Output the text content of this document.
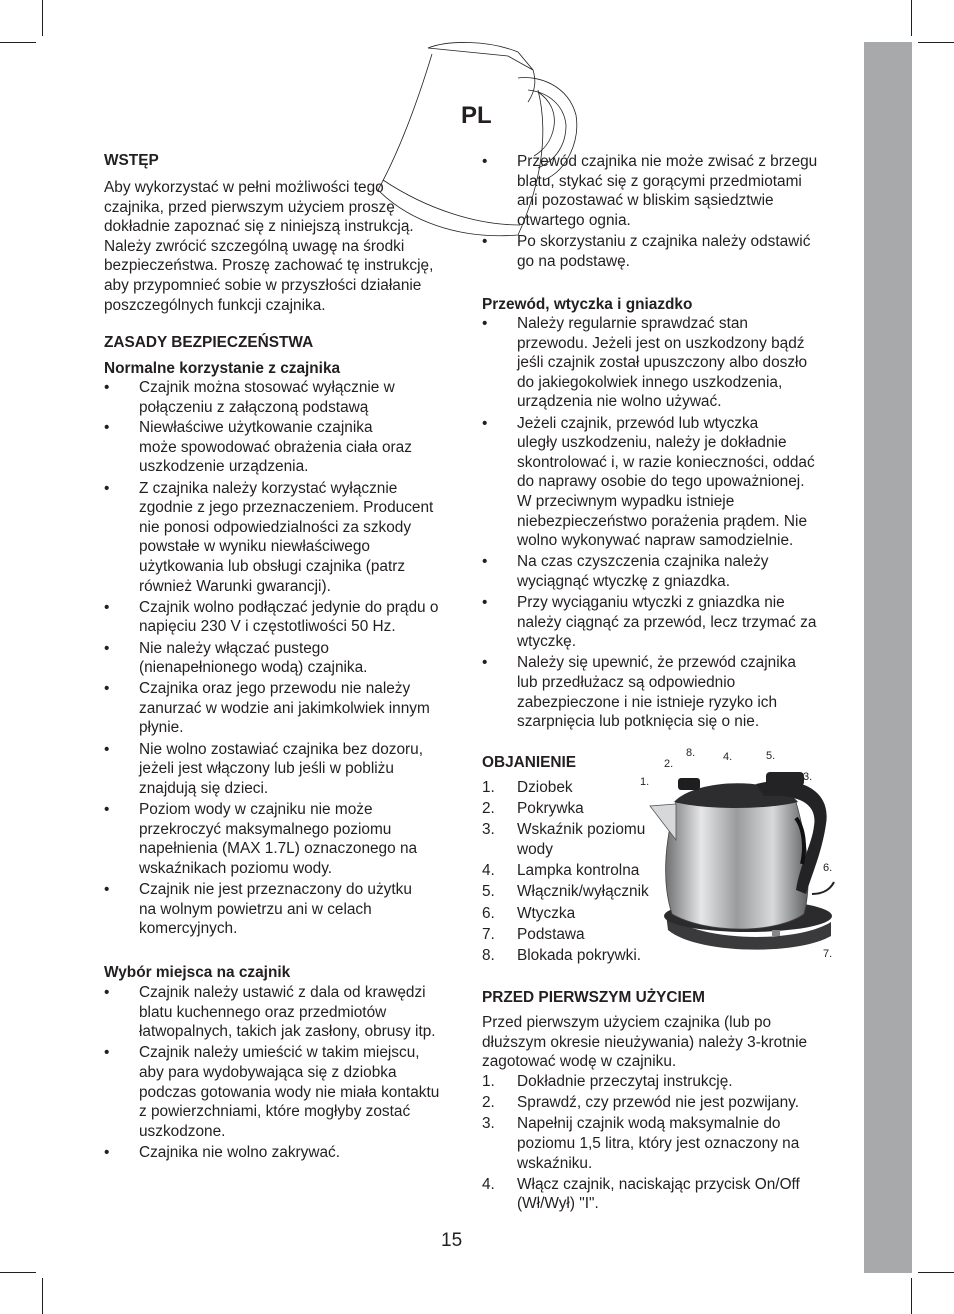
PL
WSTĘP
Aby wykorzystać w pełni możliwości tego
czajnika, przed pierwszym użyciem proszę
dokładnie zapoznać się z niniejszą instrukcją.
Należy zwrócić szczególną uwagę na środki
bezpieczeństwa. Proszę zachować tę instrukcję,
aby przypomnieć sobie w przyszłości działanie
poszczególnych funkcji czajnika.
ZASADY BEZPIECZEŃSTWA
Normalne korzystanie z czajnika
• Czajnik można stosować wyłącznie w
połączeniu z załączoną podstawą
• Niewłaściwe użytkowanie czajnika
może spowodować obrażenia ciała oraz
uszkodzenie urządzenia.
• Z czajnika należy korzystać wyłącznie
zgodnie z jego przeznaczeniem. Producent
nie ponosi odpowiedzialności za szkody
powstałe w wyniku niewłaściwego
użytkowania lub obsługi czajnika (patrz
również Warunki gwarancji).
• Czajnik wolno podłączać jedynie do prądu o
napięciu 230 V i częstotliwości 50 Hz.
• Nie należy włączać pustego
(nienapełnionego wodą) czajnika.
• Czajnika oraz jego przewodu nie należy
zanurzać w wodzie ani jakimkolwiek innym
płynie.
• Nie wolno zostawiać czajnika bez dozoru,
jeżeli jest włączony lub jeśli w pobliżu
znajdują się dzieci.
• Poziom wody w czajniku nie może
przekroczyć maksymalnego poziomu
napełnienia (MAX 1.7L) oznaczonego na
wskaźnikach poziomu wody.
• Czajnik nie jest przeznaczony do użytku
na wolnym powietrzu ani w celach
komercyjnych.
Wybór miejsca na czajnik
• Czajnik należy ustawić z dala od krawędzi
blatu kuchennego oraz przedmiotów
łatwopalnych, takich jak zasłony, obrusy itp.
• Czajnik należy umieścić w takim miejscu,
aby para wydobywająca się z dziobka
podczas gotowania wody nie miała kontaktu
z powierzchniami, które mogłyby zostać
uszkodzone.
• Czajnika nie wolno zakrywać.
• Przewód czajnika nie może zwisać z brzegu
blatu, stykać się z gorącymi przedmiotami
ani pozostawać w bliskim sąsiedztwie
otwartego ognia.
• Po skorzystaniu z czajnika należy odstawić
go na podstawę.
Przewód, wtyczka i gniazdko
• Należy regularnie sprawdzać stan
przewodu. Jeżeli jest on uszkodzony bądź
jeśli czajnik został upuszczony albo doszło
do jakiegokolwiek innego uszkodzenia,
urządzenia nie wolno używać.
• Jeżeli czajnik, przewód lub wtyczka
uległy uszkodzeniu, należy je dokładnie
skontrolować i, w razie konieczności, oddać
do naprawy osobie do tego upoważnionej.
W przeciwnym wypadku istnieje
niebezpieczeństwo porażenia prądem. Nie
wolno wykonywać napraw samodzielnie.
• Na czas czyszczenia czajnika należy
wyciągnąć wtyczkę z gniazdka.
• Przy wyciąganiu wtyczki z gniazdka nie
należy ciągnąć za przewód, lecz trzymać za
wtyczkę.
• Należy się upewnić, że przewód czajnika
lub przedłużacz są odpowiednio
zabezpieczone i nie istnieje ryzyko ich
szarpnięcia lub potknięcia się o nie.
OBJANIENIE
1. Dziobek
2. Pokrywka
3. Wskaźnik poziomu
wody
4. Lampka kontrolna
5. Włącznik/wyłącznik
6. Wtyczka
7. Podstawa
8. Blokada pokrywki.
PRZED PIERWSZYM UŻYCIEM
Przed pierwszym użyciem czajnika (lub po
dłuższym okresie nieużywania) należy 3-krotnie
zagotować wodę w czajniku.
1. Dokładnie przeczytaj instrukcję.
2. Sprawdź, czy przewód nie jest pozwijany.
3. Napełnij czajnik wodą maksymalnie do
poziomu 1,5 litra, który jest oznaczony na
wskaźniku.
4. Włącz czajnik, naciskając przycisk On/Off
(Wł/Wył) "I".
1.
2.
8.	4.	5.
3.
6.
7.
15
